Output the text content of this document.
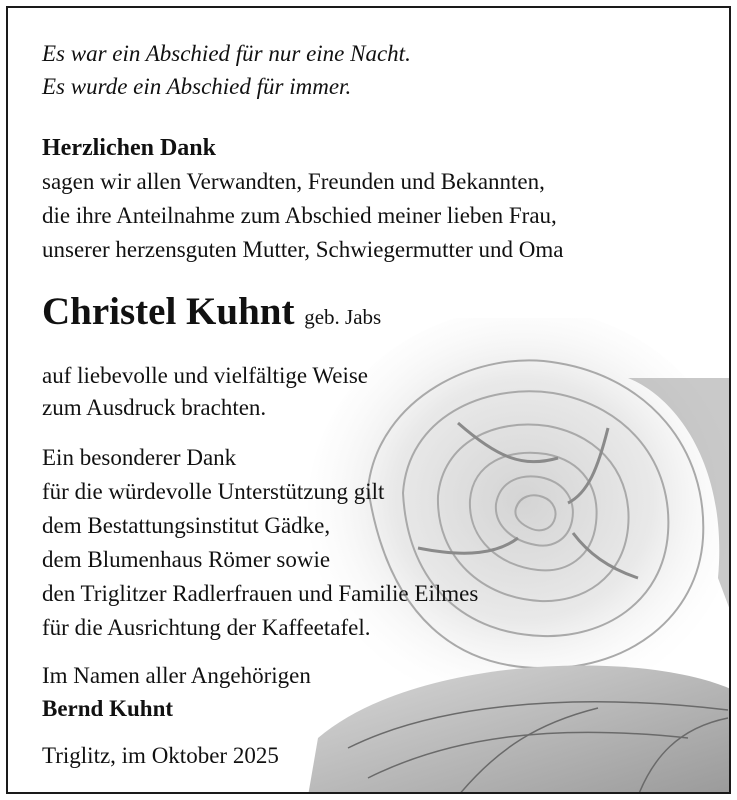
Es war ein Abschied für nur eine Nacht.
Es wurde ein Abschied für immer.

Herzlichen Dank

sagen wir allen Verwandten, Freunden und Bekannten,
die ihre Anteilnahme zum Abschied meiner lieben Frau,
unserer herzensguten Mutter, Schwiegermutter und Oma

Christel Kuhnt geb. Jabs

auf liebevolle und vielfältige Weise
zum Ausdruck brachten.

Ein besonderer Dank
für die würdevolle Unterstützung gilt
dem Bestattungsinstitut Gädke,
dem Blumenhaus Römer sowie
den Triglitzer Radlerfrauen und Familie Eilmes
für die Ausrichtung der Kaffeetafel.

Im Namen aller Angehörigen
Bernd Kuhnt

Triglitz, im Oktober 2025
